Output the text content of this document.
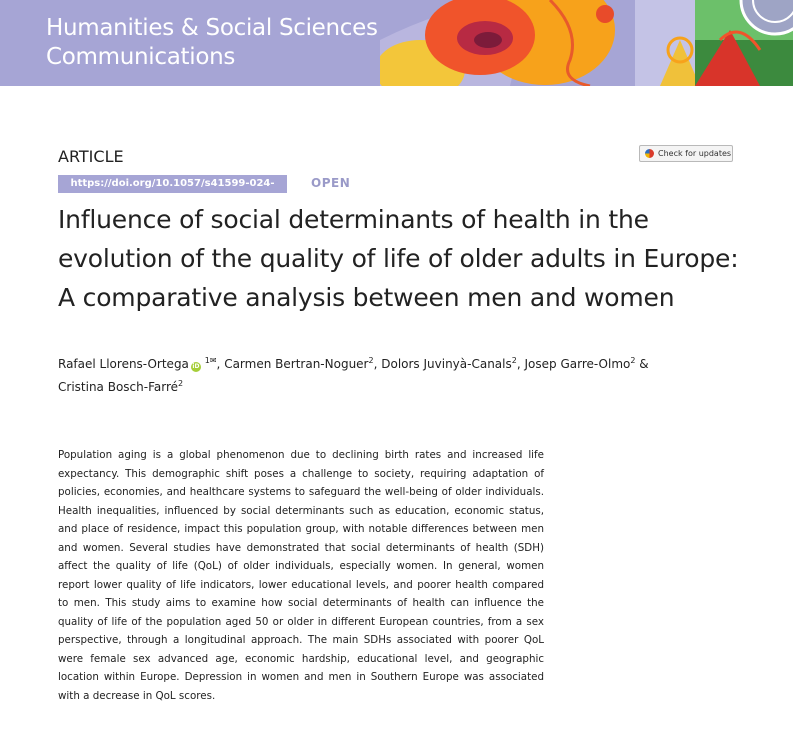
Humanities & Social Sciences
Communications
ARTICLE
https://doi.org/10.1057/s41599-024-02899-5
OPEN
Check for updates
Influence of social determinants of health in the evolution of the quality of life of older adults in Europe: A comparative analysis between men and women
Rafael Llorens-Ortega iD $^{1✉}$, Carmen Bertran-Noguer$^2$, Dolors Juvinyà-Canals$^2$, Josep Garre-Olmo$^2$ &
Cristina Bosch-Farré$^2$

Population aging is a global phenomenon due to declining birth rates and increased life expectancy. This demographic shift poses a challenge to society, requiring adaptation of policies, economies, and healthcare systems to safeguard the well-being of older individuals. Health inequalities, influenced by social determinants such as education, economic status, and place of residence, impact this population group, with notable differences between men and women. Several studies have demonstrated that social determinants of health (SDH) affect the quality of life (QoL) of older individuals, especially women. In general, women report lower quality of life indicators, lower educational levels, and poorer health compared to men. This study aims to examine how social determinants of health can influence the quality of life of the population aged 50 or older in different European countries, from a sex perspective, through a longitudinal approach. The main SDHs associated with poorer QoL were female sex advanced age, economic hardship, educational level, and geographic location within Europe. Depression in women and men in Southern Europe was associated with a decrease in QoL scores.
